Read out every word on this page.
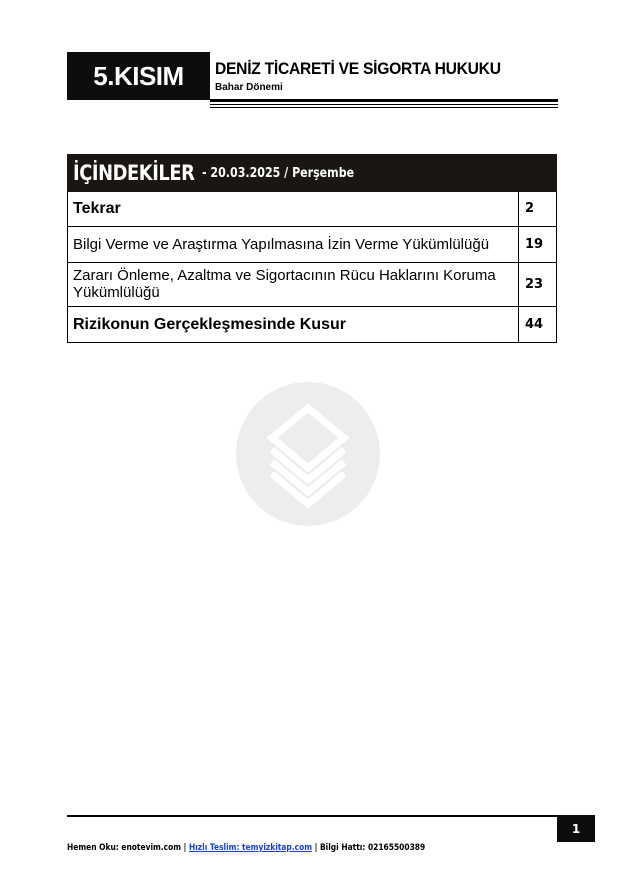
5.KISIM DENİZ TİCARETİ VE SİGORTA HUKUKU
Bahar Dönemi
İÇİNDEKİLER - 20.03.2025 / Perşembe
Tekrar	2
Bilgi Verme ve Araştırma Yapılmasına İzin Verme Yükümlülüğü	19
Zararı Önleme, Azaltma ve Sigortacının Rücu Haklarını Koruma Yükümlülüğü	23
Rizikonun Gerçekleşmesinde Kusur	44
1
Hemen Oku: enotevim.com | Hızlı Teslim: temyizkitap.com | Bilgi Hattı: 02165500389
